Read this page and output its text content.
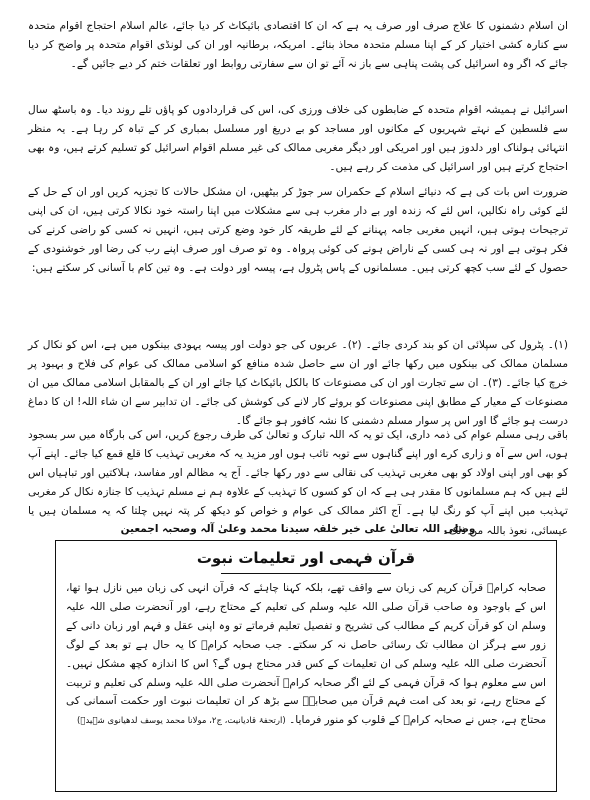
ان اسلام دشمنوں کا علاج صرف اور صرف یہ ہے کہ ان کا اقتصادی بائیکاٹ کر دیا جائے، عالم اسلام احتجاج اقوام متحدہ سے کنارہ کشی اختیار کر کے اپنا مسلم متحدہ محاذ بنائے۔ امریکہ، برطانیہ اور ان کی لونڈی اقوام متحدہ پر واضح کر دیا جائے کہ اگر وہ اسرائیل کی پشت پناہی سے باز نہ آئے تو ان سے سفارتی روابط اور تعلقات ختم کر دیے جائیں گے۔

اسرائیل نے ہمیشہ اقوام متحدہ کے ضابطوں کی خلاف ورزی کی، اس کی قراردادوں کو پاؤں تلے روند دیا۔ وہ باسٹھ سال سے فلسطین کے نہتے شہریوں کے مکانوں اور مساجد کو بے دریغ اور مسلسل بمباری کر کے تباہ کر رہا ہے۔ یہ منظر انتہائی ہولناک اور دلدوز ہیں اور امریکی اور دیگر مغربی ممالک کی غیر مسلم اقوام اسرائیل کو تسلیم کرتے ہیں، وہ بھی احتجاج کرتے ہیں اور اسرائیل کی مذمت کر رہے ہیں۔

ضرورت اس بات کی ہے کہ دنیائے اسلام کے حکمران سر جوڑ کر بیٹھیں، ان مشکل حالات کا تجزیہ کریں اور ان کے حل کے لئے کوئی راہ نکالیں، اس لئے کہ زندہ اور بے دار مغرب ہی سے مشکلات میں اپنا راستہ خود نکالا کرتی ہیں، ان کی اپنی ترجیحات ہوتی ہیں، انہیں مغربی جامہ پہنانے کے لئے طریقہ کار خود وضع کرتی ہیں، انہیں نہ کسی کو راضی کرنے کی فکر ہوتی ہے اور نہ ہی کسی کے ناراض ہونے کی کوئی پرواہ۔ وہ تو صرف اور صرف اپنے رب کی رضا اور خوشنودی کے حصول کے لئے سب کچھ کرتی ہیں۔ مسلمانوں کے پاس پٹرول ہے، پیسہ اور دولت ہے۔ وہ تین کام با آسانی کر سکتے ہیں:

(۱)۔ پٹرول کی سپلائی ان کو بند کردی جائے۔ (۲)۔ عربوں کی جو دولت اور پیسہ یہودی بینکوں میں ہے، اس کو نکال کر مسلمان ممالک کی بینکوں میں رکھا جائے اور ان سے حاصل شدہ منافع کو اسلامی ممالک کی عوام کی فلاح و بہبود پر خرچ کیا جائے۔ (۳)۔ ان سے تجارت اور ان کی مصنوعات کا بالکل بائیکاٹ کیا جائے اور ان کے بالمقابل اسلامی ممالک میں ان مصنوعات کے معیار کے مطابق اپنی مصنوعات کو بروئے کار لانے کی کوشش کی جائے۔ ان تدابیر سے ان شاء اللہ! ان کا دماغ درست ہو جائے گا اور اس پر سوار مسلم دشمنی کا نشہ کافور ہو جائے گا۔

باقی رہی مسلم عوام کی ذمہ داری، ایک تو یہ کہ اللہ تبارک و تعالیٰ کی طرف رجوع کریں، اس کی بارگاہ میں سر بسجود ہوں، اس سے آہ و زاری کرے اور اپنے گناہوں سے توبہ تائب ہوں اور مزید یہ کہ مغربی تہذیب کا قلع قمع کیا جائے۔ اپنے آپ کو بھی اور اپنی اولاد کو بھی مغربی تہذیب کی نقالی سے دور رکھا جائے۔ آج یہ مظالم اور مفاسد، ہلاکتیں اور تباہیاں اس لئے ہیں کہ ہم مسلمانوں کا مقدر ہی ہے کہ ان کو کسوں کا تہذیب کے علاوہ ہم نے مسلم تہذیب کا جنازہ نکال کر مغربی تہذیب میں اپنے آپ کو رنگ لیا ہے۔ آج اکثر ممالک کی عوام و خواص کو دیکھ کر پتہ نہیں چلتا کہ یہ مسلمان ہیں یا عیسائی، نعوذ باللہ من ذلک۔

وصلی اللہ تعالیٰ علی خیر خلقہ سیدنا محمد وعلیٰ آلہ وصحبہ اجمعین
قرآن فہمی اور تعلیمات نبوت
صحابہ کرامؓ قرآن کریم کی زبان سے واقف تھے، بلکہ کہنا چاہئے کہ قرآن انہی کی زبان میں نازل ہوا تھا، اس کے باوجود وہ صاحب قرآن صلی اللہ علیہ وسلم کی تعلیم کے محتاج رہے، اور آنحضرت صلی اللہ علیہ وسلم ان کو قرآن کریم کے مطالب کی تشریح و تفصیل تعلیم فرماتے تو وہ اپنی عقل و فہم اور زبان دانی کے زور سے ہرگز ان مطالب تک رسائی حاصل نہ کر سکتے۔ جب صحابہ کرامؓ کا یہ حال ہے تو بعد کے لوگ آنحضرت صلی اللہ علیہ وسلم کی ان تعلیمات کے کس قدر محتاج ہوں گے؟ اس کا اندازہ کچھ مشکل نہیں۔ اس سے معلوم ہوا کہ قرآن فہمی کے لئے اگر صحابہ کرامؓ آنحضرت صلی اللہ علیہ وسلم کی تعلیم و تربیت کے محتاج رہے، تو بعد کی امت فہم قرآن میں صحابہؓ سے بڑھ کر ان تعلیمات نبوت اور حکمت آسمانی کی محتاج ہے، جس نے صحابہ کرامؓ کے قلوب کو منور فرمایا۔ (ارتحفۂ قادیانیت، ج۲، مولانا محمد یوسف لدھیانوی شہیدؒ)
